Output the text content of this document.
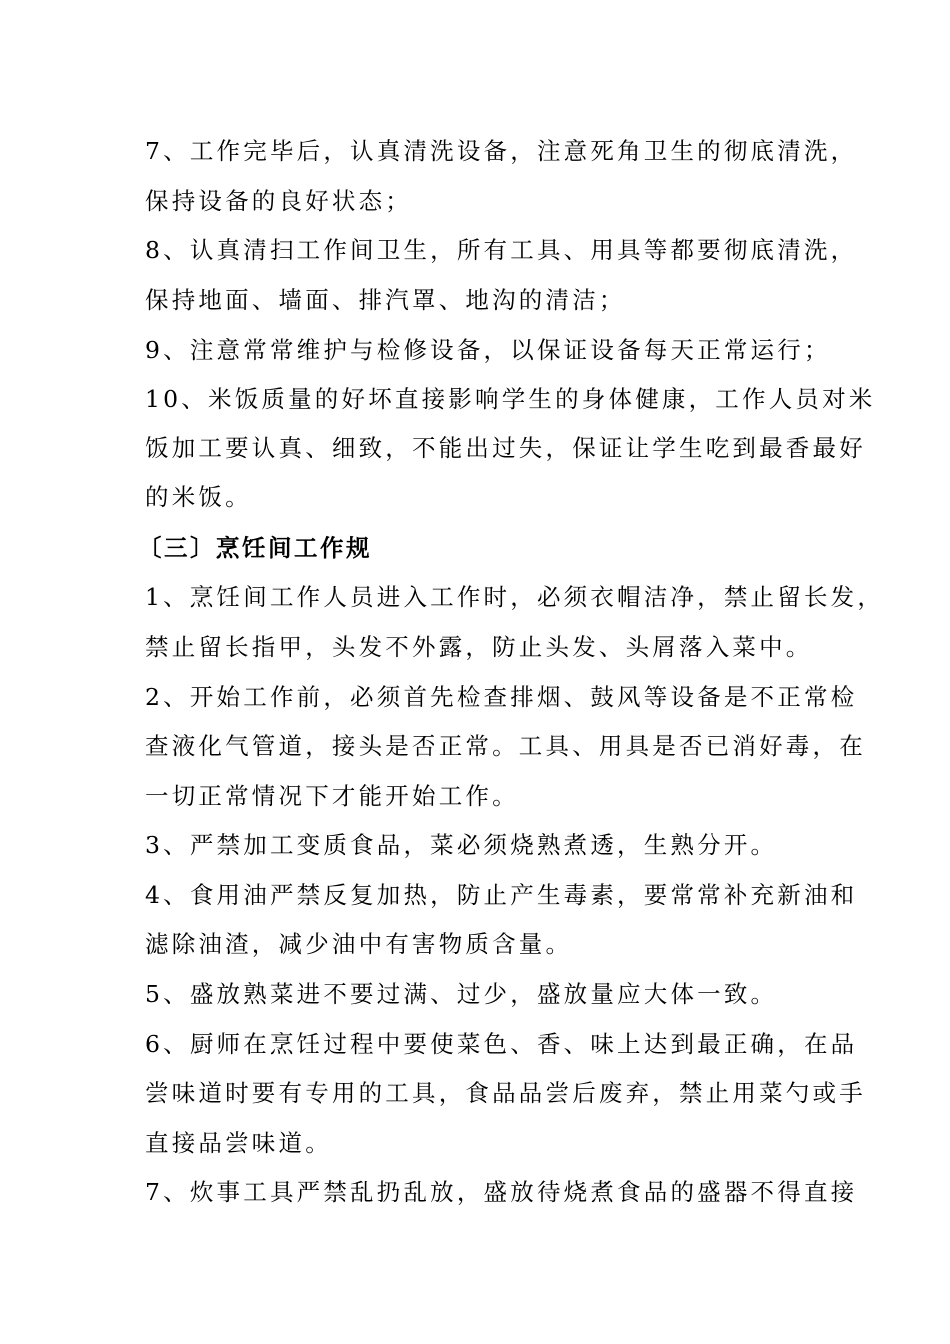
7、工作完毕后，认真清洗设备，注意死角卫生的彻底清洗，
保持设备的良好状态；
8、认真清扫工作间卫生，所有工具、用具等都要彻底清洗，
保持地面、墙面、排汽罩、地沟的清洁；
9、注意常常维护与检修设备，以保证设备每天正常运行；
10、米饭质量的好坏直接影响学生的身体健康，工作人员对米
饭加工要认真、细致，不能出过失，保证让学生吃到最香最好
的米饭。
〔三〕烹饪间工作规
1、烹饪间工作人员进入工作时，必须衣帽洁净，禁止留长发，
禁止留长指甲，头发不外露，防止头发、头屑落入菜中。
2、开始工作前，必须首先检查排烟、鼓风等设备是不正常检
查液化气管道，接头是否正常。工具、用具是否已消好毒，在
一切正常情况下才能开始工作。
3、严禁加工变质食品，菜必须烧熟煮透，生熟分开。
4、食用油严禁反复加热，防止产生毒素，要常常补充新油和
滤除油渣，减少油中有害物质含量。
5、盛放熟菜进不要过满、过少，盛放量应大体一致。
6、厨师在烹饪过程中要使菜色、香、味上达到最正确，在品
尝味道时要有专用的工具，食品品尝后废弃，禁止用菜勺或手
直接品尝味道。
7、炊事工具严禁乱扔乱放，盛放待烧煮食品的盛器不得直接
